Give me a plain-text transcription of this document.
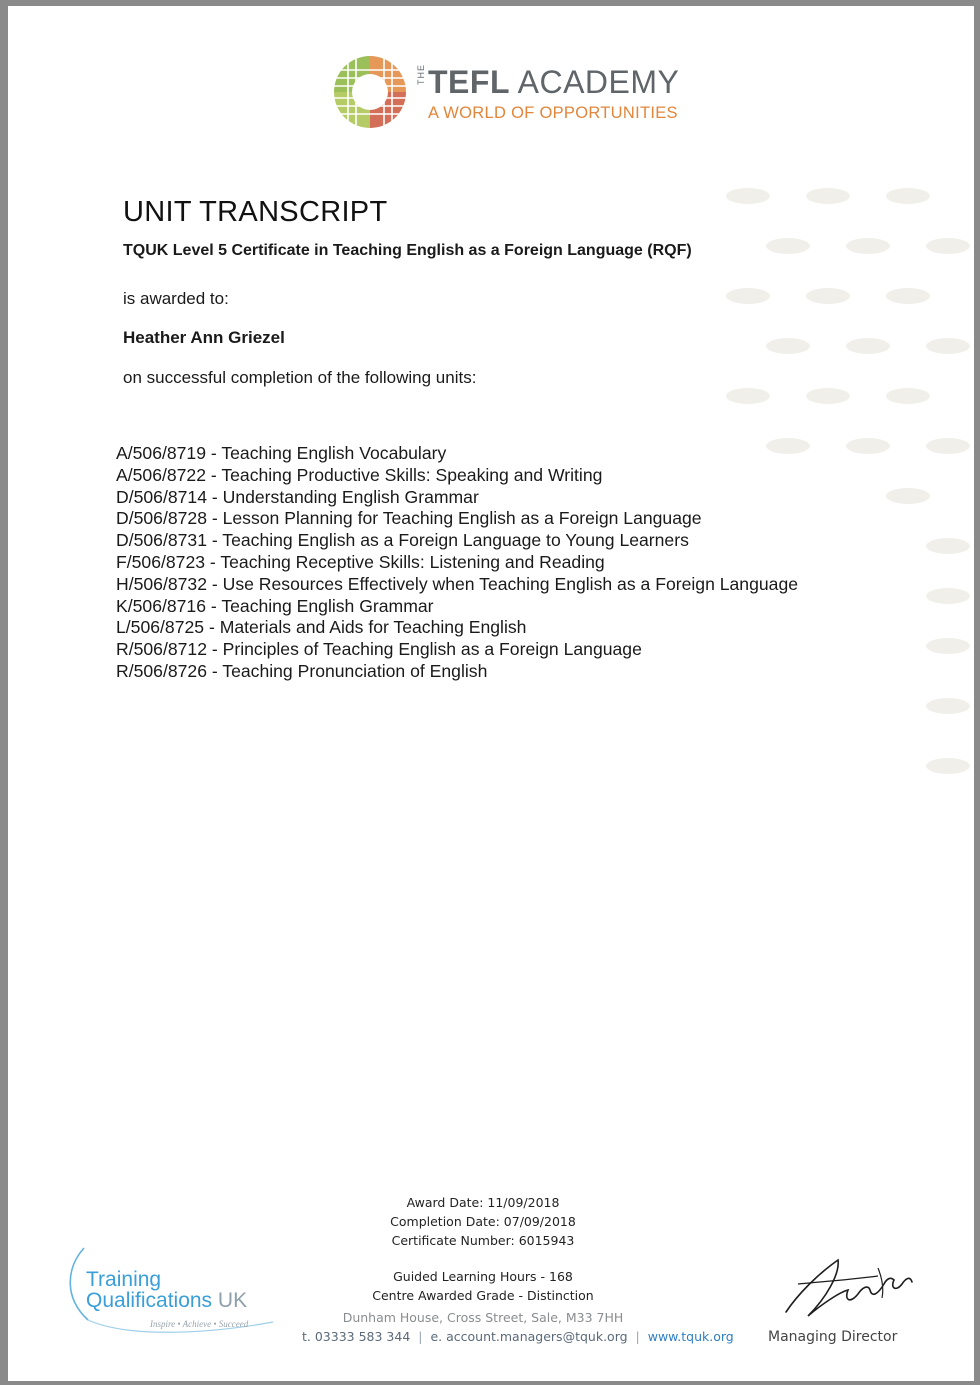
THE TEFL ACADEMY
A WORLD OF OPPORTUNITIES
UNIT TRANSCRIPT
TQUK Level 5 Certificate in Teaching English as a Foreign Language (RQF)
is awarded to:
Heather Ann Griezel
on successful completion of the following units:
A/506/8719 - Teaching English Vocabulary
A/506/8722 - Teaching Productive Skills: Speaking and Writing
D/506/8714 - Understanding English Grammar
D/506/8728 - Lesson Planning for Teaching English as a Foreign Language
D/506/8731 - Teaching English as a Foreign Language to Young Learners
F/506/8723 - Teaching Receptive Skills: Listening and Reading
H/506/8732 - Use Resources Effectively when Teaching English as a Foreign Language
K/506/8716 - Teaching English Grammar
L/506/8725 - Materials and Aids for Teaching English
R/506/8712 - Principles of Teaching English as a Foreign Language
R/506/8726 - Teaching Pronunciation of English
Award Date: 11/09/2018
Completion Date: 07/09/2018
Certificate Number: 6015943
Guided Learning Hours - 168
Centre Awarded Grade - Distinction
Dunham House, Cross Street, Sale, M33 7HH
t. 03333 583 344 | e. account.managers@tquk.org | www.tquk.org
Training
Qualifications UK
Inspire • Achieve • Succeed
Managing Director
